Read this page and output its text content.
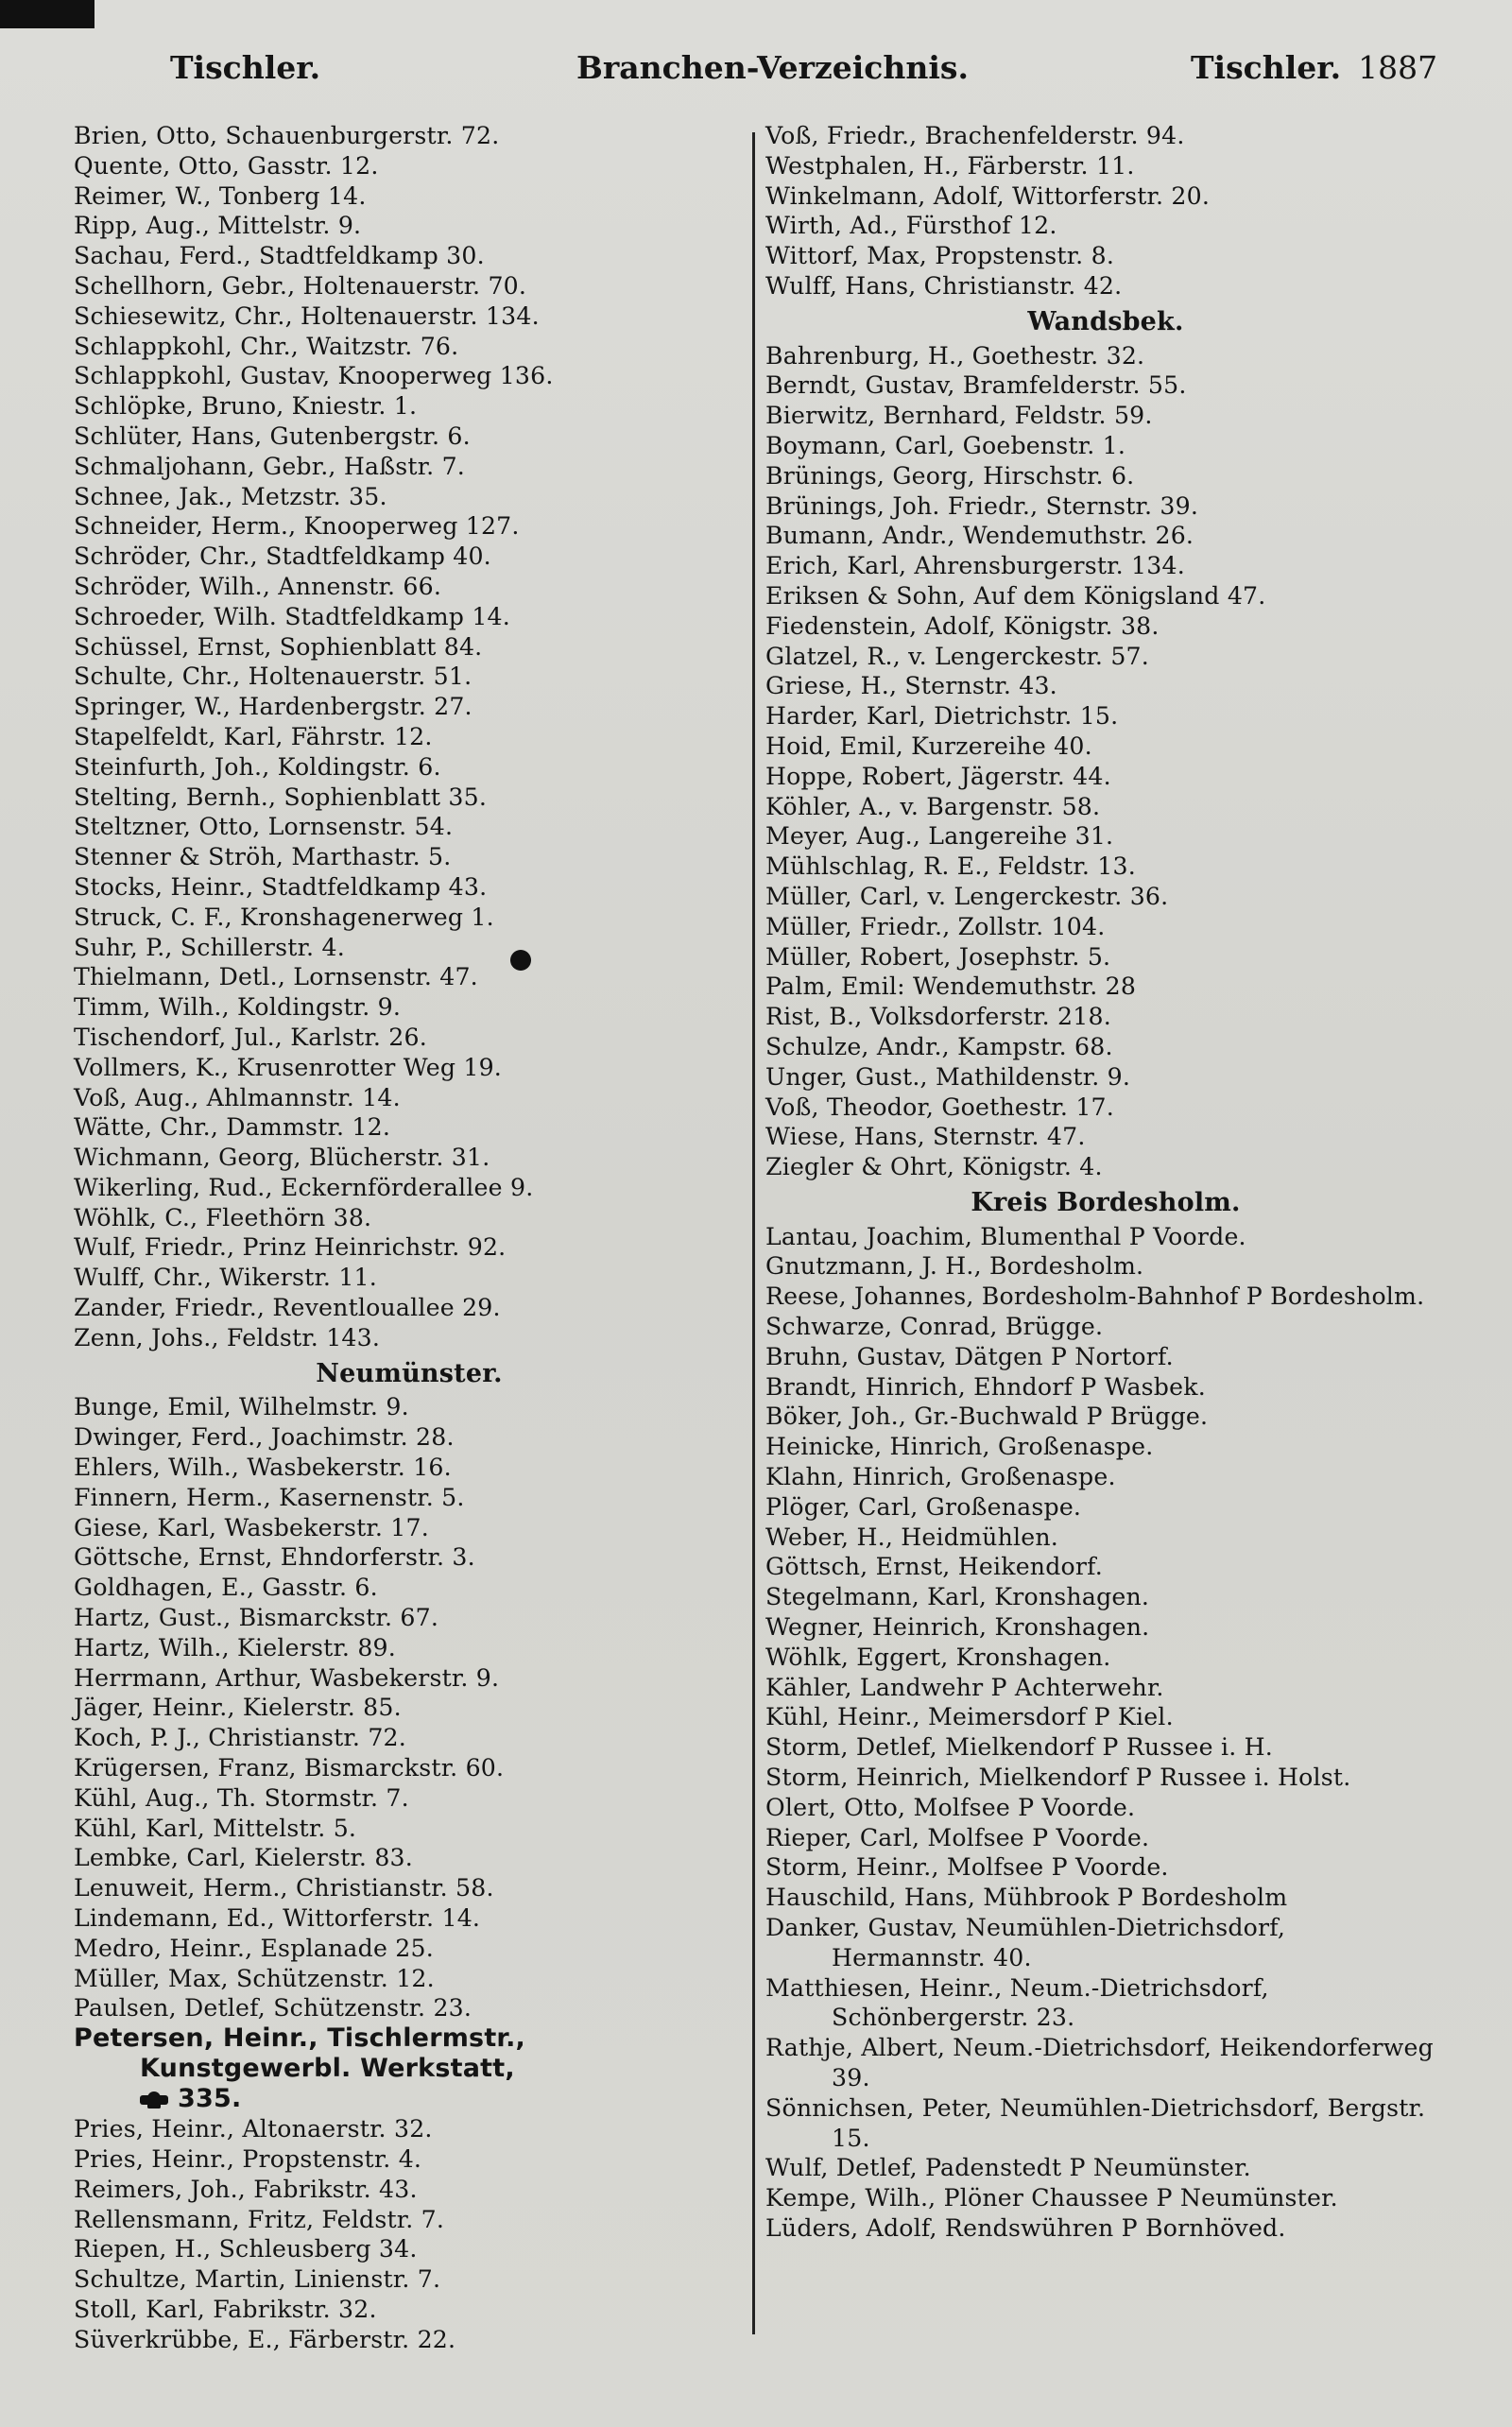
Tischler.	Branchen-Verzeichnis.	Tischler. 1887
Brien, Otto, Schauenburgerstr. 72.
Quente, Otto, Gasstr. 12.
Reimer, W., Tonberg 14.
Ripp, Aug., Mittelstr. 9.
Sachau, Ferd., Stadtfeldkamp 30.
Schellhorn, Gebr., Holtenauerstr. 70.
Schiesewitz, Chr., Holtenauerstr. 134.
Schlappkohl, Chr., Waitzstr. 76.
Schlappkohl, Gustav, Knooperweg 136.
Schlöpke, Bruno, Kniestr. 1.
Schlüter, Hans, Gutenbergstr. 6.
Schmaljohann, Gebr., Haßstr. 7.
Schnee, Jak., Metzstr. 35.
Schneider, Herm., Knooperweg 127.
Schröder, Chr., Stadtfeldkamp 40.
Schröder, Wilh., Annenstr. 66.
Schroeder, Wilh. Stadtfeldkamp 14.
Schüssel, Ernst, Sophienblatt 84.
Schulte, Chr., Holtenauerstr. 51.
Springer, W., Hardenbergstr. 27.
Stapelfeldt, Karl, Fährstr. 12.
Steinfurth, Joh., Koldingstr. 6.
Stelting, Bernh., Sophienblatt 35.
Steltzner, Otto, Lornsenstr. 54.
Stenner & Ströh, Marthastr. 5.
Stocks, Heinr., Stadtfeldkamp 43.
Struck, C. F., Kronshagenerweg 1.
Suhr, P., Schillerstr. 4.
Thielmann, Detl., Lornsenstr. 47.
Timm, Wilh., Koldingstr. 9.
Tischendorf, Jul., Karlstr. 26.
Vollmers, K., Krusenrotter Weg 19.
Voß, Aug., Ahlmannstr. 14.
Wätte, Chr., Dammstr. 12.
Wichmann, Georg, Blücherstr. 31.
Wikerling, Rud., Eckernförderallee 9.
Wöhlk, C., Fleethörn 38.
Wulf, Friedr., Prinz Heinrichstr. 92.
Wulff, Chr., Wikerstr. 11.
Zander, Friedr., Reventlouallee 29.
Zenn, Johs., Feldstr. 143.
Neumünster.
Bunge, Emil, Wilhelmstr. 9.
Dwinger, Ferd., Joachimstr. 28.
Ehlers, Wilh., Wasbekerstr. 16.
Finnern, Herm., Kasernenstr. 5.
Giese, Karl, Wasbekerstr. 17.
Göttsche, Ernst, Ehndorferstr. 3.
Goldhagen, E., Gasstr. 6.
Hartz, Gust., Bismarckstr. 67.
Hartz, Wilh., Kielerstr. 89.
Herrmann, Arthur, Wasbekerstr. 9.
Jäger, Heinr., Kielerstr. 85.
Koch, P. J., Christianstr. 72.
Krügersen, Franz, Bismarckstr. 60.
Kühl, Aug., Th. Stormstr. 7.
Kühl, Karl, Mittelstr. 5.
Lembke, Carl, Kielerstr. 83.
Lenuweit, Herm., Christianstr. 58.
Lindemann, Ed., Wittorferstr. 14.
Medro, Heinr., Esplanade 25.
Müller, Max, Schützenstr. 12.
Paulsen, Detlef, Schützenstr. 23.
Petersen, Heinr., Tischlermstr.,
Kunstgewerbl. Werkstatt,
335.
Pries, Heinr., Altonaerstr. 32.
Pries, Heinr., Propstenstr. 4.
Reimers, Joh., Fabrikstr. 43.
Rellensmann, Fritz, Feldstr. 7.
Riepen, H., Schleusberg 34.
Schultze, Martin, Linienstr. 7.
Stoll, Karl, Fabrikstr. 32.
Süverkrübbe, E., Färberstr. 22.
Voß, Friedr., Brachenfelderstr. 94.
Westphalen, H., Färberstr. 11.
Winkelmann, Adolf, Wittorferstr. 20.
Wirth, Ad., Fürsthof 12.
Wittorf, Max, Propstenstr. 8.
Wulff, Hans, Christianstr. 42.
Wandsbek.
Bahrenburg, H., Goethestr. 32.
Berndt, Gustav, Bramfelderstr. 55.
Bierwitz, Bernhard, Feldstr. 59.
Boymann, Carl, Goebenstr. 1.
Brünings, Georg, Hirschstr. 6.
Brünings, Joh. Friedr., Sternstr. 39.
Bumann, Andr., Wendemuthstr. 26.
Erich, Karl, Ahrensburgerstr. 134.
Eriksen & Sohn, Auf dem Königsland 47.
Fiedenstein, Adolf, Königstr. 38.
Glatzel, R., v. Lengerckestr. 57.
Griese, H., Sternstr. 43.
Harder, Karl, Dietrichstr. 15.
Hoid, Emil, Kurzereihe 40.
Hoppe, Robert, Jägerstr. 44.
Köhler, A., v. Bargenstr. 58.
Meyer, Aug., Langereihe 31.
Mühlschlag, R. E., Feldstr. 13.
Müller, Carl, v. Lengerckestr. 36.
Müller, Friedr., Zollstr. 104.
Müller, Robert, Josephstr. 5.
Palm, Emil: Wendemuthstr. 28
Rist, B., Volksdorferstr. 218.
Schulze, Andr., Kampstr. 68.
Unger, Gust., Mathildenstr. 9.
Voß, Theodor, Goethestr. 17.
Wiese, Hans, Sternstr. 47.
Ziegler & Ohrt, Königstr. 4.
Kreis Bordesholm.
Lantau, Joachim, Blumenthal P Voorde.
Gnutzmann, J. H., Bordesholm.
Reese, Johannes, Bordesholm-Bahnhof P Bordesholm.
Schwarze, Conrad, Brügge.
Bruhn, Gustav, Dätgen P Nortorf.
Brandt, Hinrich, Ehndorf P Wasbek.
Böker, Joh., Gr.-Buchwald P Brügge.
Heinicke, Hinrich, Großenaspe.
Klahn, Hinrich, Großenaspe.
Plöger, Carl, Großenaspe.
Weber, H., Heidmühlen.
Göttsch, Ernst, Heikendorf.
Stegelmann, Karl, Kronshagen.
Wegner, Heinrich, Kronshagen.
Wöhlk, Eggert, Kronshagen.
Kähler, Landwehr P Achterwehr.
Kühl, Heinr., Meimersdorf P Kiel.
Storm, Detlef, Mielkendorf P Russee i. H.
Storm, Heinrich, Mielkendorf P Russee i. Holst.
Olert, Otto, Molfsee P Voorde.
Rieper, Carl, Molfsee P Voorde.
Storm, Heinr., Molfsee P Voorde.
Hauschild, Hans, Mühbrook P Bordesholm
Danker, Gustav, Neumühlen-Dietrichsdorf, Hermannstr. 40.
Matthiesen, Heinr., Neum.-Dietrichsdorf, Schönbergerstr. 23.
Rathje, Albert, Neum.-Dietrichsdorf, Heikendorferweg 39.
Sönnichsen, Peter, Neumühlen-Dietrichsdorf, Bergstr. 15.
Wulf, Detlef, Padenstedt P Neumünster.
Kempe, Wilh., Plöner Chaussee P Neumünster.
Lüders, Adolf, Rendswühren P Bornhöved.
